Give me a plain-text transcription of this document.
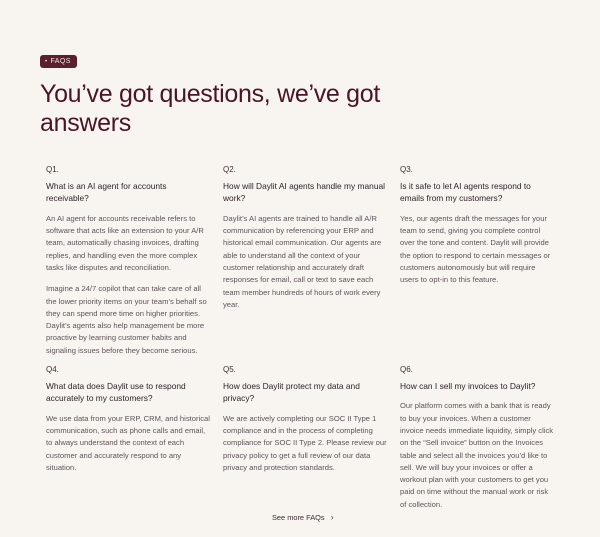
• FAQS
You’ve got questions, we’ve got answers
Q1.
What is an AI agent for accounts receivable?

An AI agent for accounts receivable refers to software that acts like an extension to your A/R team, automatically chasing invoices, drafting replies, and handling even the more complex tasks like disputes and reconciliation.

Imagine a 24/7 copilot that can take care of all the lower priority items on your team’s behalf so they can spend more time on higher priorities. Daylit’s agents also help management be more proactive by learning customer habits and signaling issues before they become serious.

Q2.
How will Daylit AI agents handle my manual work?

Daylit’s AI agents are trained to handle all A/R communication by referencing your ERP and historical email communication. Our agents are able to understand all the context of your customer relationship and accurately draft responses for email, call or text to save each team member hundreds of hours of work every year.

Q3.
Is it safe to let AI agents respond to emails from my customers?

Yes, our agents draft the messages for your team to send, giving you complete control over the tone and content. Daylit will provide the option to respond to certain messages or customers autonomously but will require users to opt-in to this feature.

Q4.
What data does Daylit use to respond accurately to my customers?

We use data from your ERP, CRM, and historical communication, such as phone calls and email, to always understand the context of each customer and accurately respond to any situation.

Q5.
How does Daylit protect my data and privacy?

We are actively completing our SOC II Type 1 compliance and in the process of completing compliance for SOC II Type 2. Please review our privacy policy to get a full review of our data privacy and protection standards.

Q6.
How can I sell my invoices to Daylit?

Our platform comes with a bank that is ready to buy your invoices. When a customer invoice needs immediate liquidity, simply click on the “Sell invoice” button on the Invoices table and select all the invoices you’d like to sell. We will buy your invoices or offer a workout plan with your customers to get you paid on time without the manual work or risk of collection.

See more FAQs ›
